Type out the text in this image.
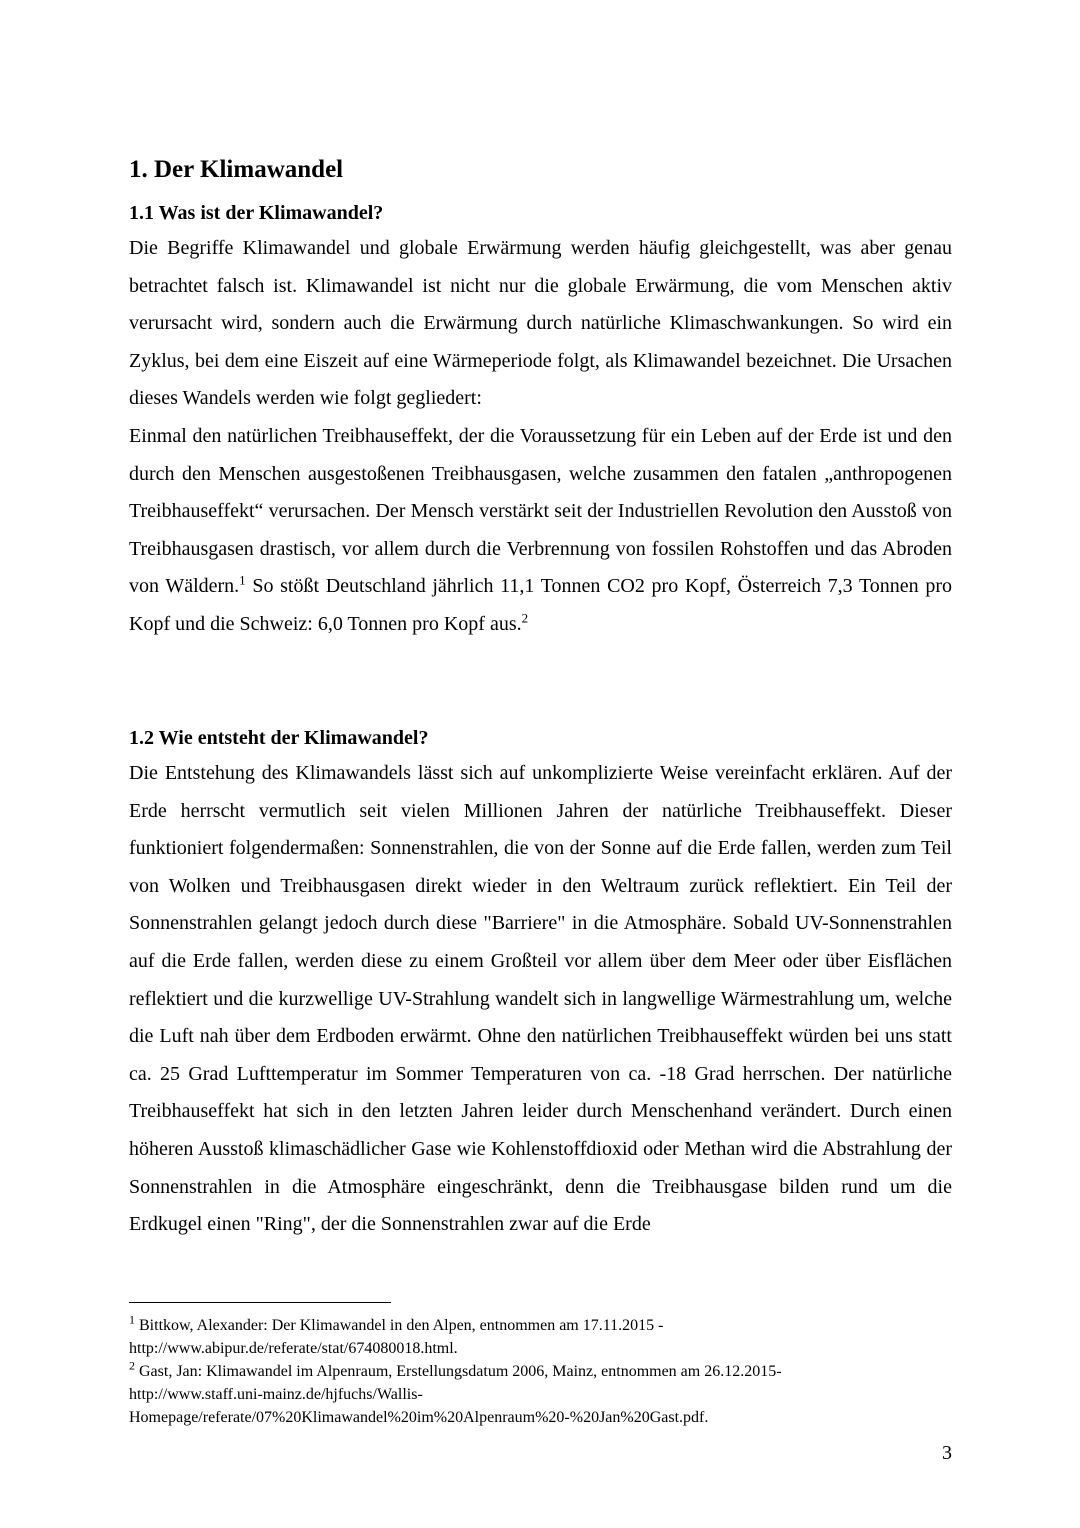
1. Der Klimawandel
1.1 Was ist der Klimawandel?

Die Begriffe Klimawandel und globale Erwärmung werden häufig gleichgestellt, was aber genau betrachtet falsch ist. Klimawandel ist nicht nur die globale Erwärmung, die vom Menschen aktiv verursacht wird, sondern auch die Erwärmung durch natürliche Klimaschwankungen. So wird ein Zyklus, bei dem eine Eiszeit auf eine Wärmeperiode folgt, als Klimawandel bezeichnet. Die Ursachen dieses Wandels werden wie folgt gegliedert:
Einmal den natürlichen Treibhauseffekt, der die Voraussetzung für ein Leben auf der Erde ist und den durch den Menschen ausgestoßenen Treibhausgasen, welche zusammen den fatalen „anthropogenen Treibhauseffekt“ verursachen. Der Mensch verstärkt seit der Industriellen Revolution den Ausstoß von Treibhausgasen drastisch, vor allem durch die Verbrennung von fossilen Rohstoffen und das Abroden von Wäldern.$^1$ So stößt Deutschland jährlich 11,1 Tonnen CO2 pro Kopf, Österreich 7,3 Tonnen pro Kopf und die Schweiz: 6,0 Tonnen pro Kopf aus.$^2$

1.2 Wie entsteht der Klimawandel?

Die Entstehung des Klimawandels lässt sich auf unkomplizierte Weise vereinfacht erklären. Auf der Erde herrscht vermutlich seit vielen Millionen Jahren der natürliche Treibhauseffekt. Dieser funktioniert folgendermaßen: Sonnenstrahlen, die von der Sonne auf die Erde fallen, werden zum Teil von Wolken und Treibhausgasen direkt wieder in den Weltraum zurück reflektiert. Ein Teil der Sonnenstrahlen gelangt jedoch durch diese "Barriere" in die Atmosphäre. Sobald UV-Sonnenstrahlen auf die Erde fallen, werden diese zu einem Großteil vor allem über dem Meer oder über Eisflächen reflektiert und die kurzwellige UV-Strahlung wandelt sich in langwellige Wärmestrahlung um, welche die Luft nah über dem Erdboden erwärmt. Ohne den natürlichen Treibhauseffekt würden bei uns statt ca. 25 Grad Lufttemperatur im Sommer Temperaturen von ca. -18 Grad herrschen. Der natürliche Treibhauseffekt hat sich in den letzten Jahren leider durch Menschenhand verändert. Durch einen höheren Ausstoß klimaschädlicher Gase wie Kohlenstoffdioxid oder Methan wird die Abstrahlung der Sonnenstrahlen in die Atmosphäre eingeschränkt, denn die Treibhausgase bilden rund um die Erdkugel einen "Ring", der die Sonnenstrahlen zwar auf die Erde

$^1$ Bittkow, Alexander: Der Klimawandel in den Alpen, entnommen am 17.11.2015 -
http://www.abipur.de/referate/stat/674080018.html.

$^2$ Gast, Jan: Klimawandel im Alpenraum, Erstellungsdatum 2006, Mainz, entnommen am 26.12.2015-
http://www.staff.uni-mainz.de/hjfuchs/Wallis-
Homepage/referate/07%20Klimawandel%20im%20Alpenraum%20-%20Jan%20Gast.pdf.

3
